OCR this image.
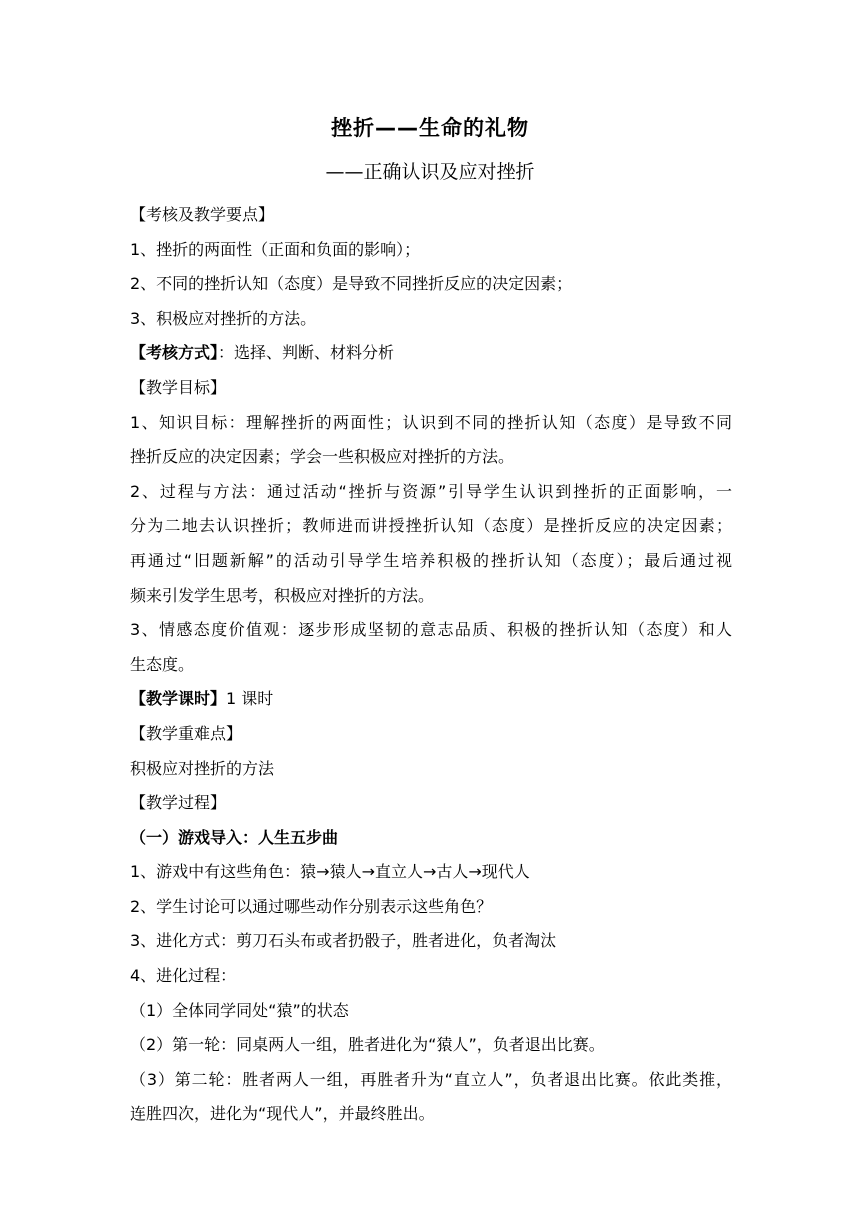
挫折——生命的礼物
——正确认识及应对挫折

【考核及教学要点】

1、挫折的两面性（正面和负面的影响）；

2、不同的挫折认知（态度）是导致不同挫折反应的决定因素；

3、积极应对挫折的方法。

【考核方式】：选择、判断、材料分析

【教学目标】

1、知识目标：理解挫折的两面性；认识到不同的挫折认知（态度）是导致不同

挫折反应的决定因素；学会一些积极应对挫折的方法。

2、过程与方法：通过活动“挫折与资源”引导学生认识到挫折的正面影响，一

分为二地去认识挫折；教师进而讲授挫折认知（态度）是挫折反应的决定因素；

再通过“旧题新解”的活动引导学生培养积极的挫折认知（态度）；最后通过视

频来引发学生思考，积极应对挫折的方法。

3、情感态度价值观：逐步形成坚韧的意志品质、积极的挫折认知（态度）和人

生态度。

【教学课时】1 课时

【教学重难点】

积极应对挫折的方法

【教学过程】

（一）游戏导入：人生五步曲

1、游戏中有这些角色：猿→猿人→直立人→古人→现代人

2、学生讨论可以通过哪些动作分别表示这些角色？

3、进化方式：剪刀石头布或者扔骰子，胜者进化，负者淘汰

4、进化过程：

（1）全体同学同处“猿”的状态

（2）第一轮：同桌两人一组，胜者进化为“猿人”，负者退出比赛。

（3）第二轮：胜者两人一组，再胜者升为“直立人”，负者退出比赛。依此类推，

连胜四次，进化为“现代人”，并最终胜出。
